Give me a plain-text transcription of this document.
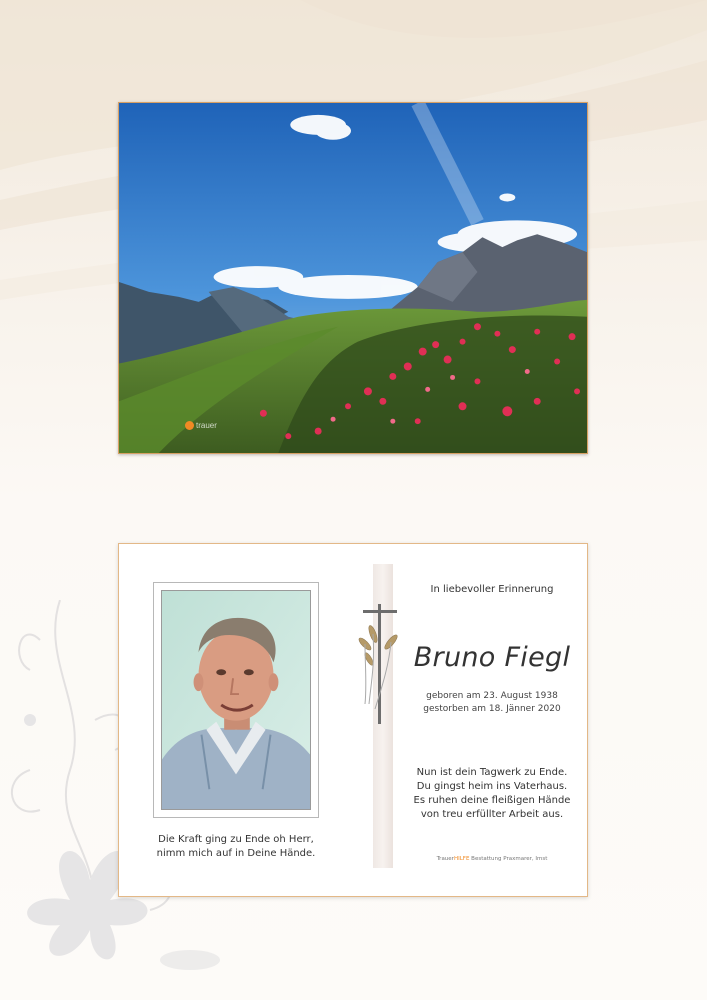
trauer
Die Kraft ging zu Ende oh Herr,
nimm mich auf in Deine Hände.
In liebevoller Erinnerung
Bruno Fiegl
geboren am 23. August 1938
gestorben am 18. Jänner 2020
Nun ist dein Tagwerk zu Ende.
Du gingst heim ins Vaterhaus.
Es ruhen deine fleißigen Hände
von treu erfüllter Arbeit aus.
TrauerHILFE Bestattung Praxmarer, Imst
